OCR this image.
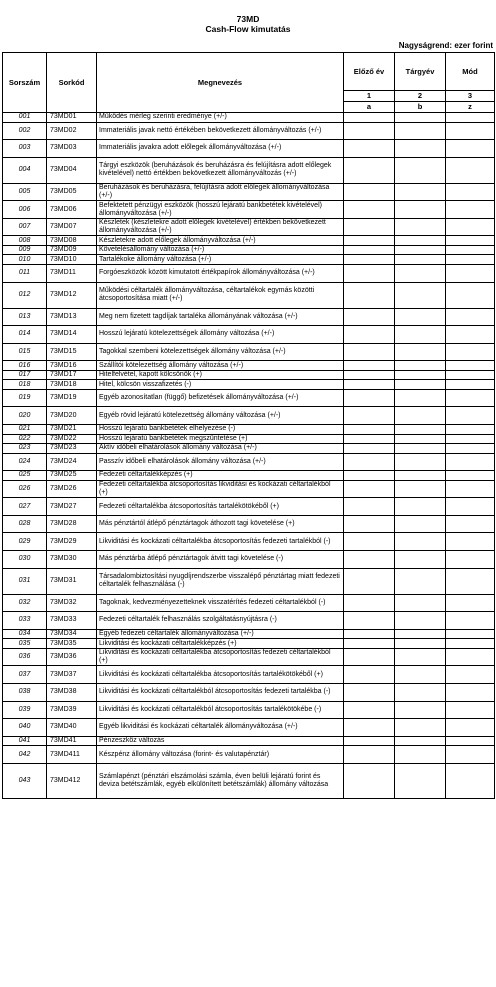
73MD
Cash-Flow kimutatás
Nagyságrend: ezer forint
Sorszám	Sorkód	Megnevezés	Előző év	Tárgyév	Mód
			1	2	3
			a	b	z
001	73MD01	Működés mérleg szerinti eredménye (+/-)			
002	73MD02	Immateriális javak nettó értékében bekövetkezett állományváltozás (+/-)			
003	73MD03	Immateriális javakra adott előlegek állományváltozása (+/-)			
004	73MD04	Tárgyi eszközök (beruházások és beruházásra és felújításra adott előlegek kivételével) nettó értékben bekövetkezett állományváltozás (+/-)			
005	73MD05	Beruházások és beruházásra, felújításra adott előlegek állományváltozása (+/-)			
006	73MD06	Befektetett pénzügyi eszközök (hosszú lejáratú bankbetétek kivételével) állományváltozása (+/-)			
007	73MD07	Készletek (készletekre adott előlegek kivételével) értékben bekövetkezett állományváltozása (+/-)			
008	73MD08	Készletekre adott előlegek állományváltozása (+/-)			
009	73MD09	Követelésállomány változása (+/-)			
010	73MD10	Tartalékoke állomány változása (+/-)			
011	73MD11	Forgóeszközök között kimutatott értékpapírok állományváltozása (+/-)			
012	73MD12	Működési céltartalék állományváltozása, céltartalékok egymás közötti átcsoportosítása miatt (+/-)			
013	73MD13	Meg nem fizetett tagdíjak tartaléka állományának változása (+/-)			
014	73MD14	Hosszú lejáratú kötelezettségek állomány változása (+/-)			
015	73MD15	Tagokkal szembeni kötelezettségek állomány változása (+/-)			
016	73MD16	Szállítói kötelezettség állomány változása (+/-)			
017	73MD17	Hitelfelvétel, kapott kölcsönök (+)			
018	73MD18	Hitel, kölcsön visszafizetés (-)			
019	73MD19	Egyéb azonosítatlan (függő) befizetések állományváltozása (+/-)			
020	73MD20	Egyéb rövid lejáratú kötelezettség állomány változása (+/-)			
021	73MD21	Hosszú lejáratú bankbetétek elhelyezése (-)			
022	73MD22	Hosszú lejáratú bankbetétek megszüntetése (+)			
023	73MD23	Aktív időbeli elhatárolások állomány változása (+/-)			
024	73MD24	Passzív időbeli elhatárolások állomány változása (+/-)			
025	73MD25	Fedezeti céltartalékképzés (+)			
026	73MD26	Fedezeti céltartalékba átcsoportosítás likviditási és kockázati céltartalékból (+)			
027	73MD27	Fedezeti céltartalékba átcsoportosítás tartalékötökéből (+)			
028	73MD28	Más pénztártól átlépő pénztártagok áthozott tagi követelése (+)			
029	73MD29	Likviditási és kockázati céltartalékba átcsoportosítás fedezeti tartalékból (-)			
030	73MD30	Más pénztárba átlépő pénztártagok átvitt tagi követelése (-)			
031	73MD31	Társadalombiztosítási nyugdíjrendszerbe visszalépő pénztártag miatt fedezeti céltartalék felhasználása (-)			
032	73MD32	Tagoknak, kedvezményezetteknek visszatérítés fedezeti céltartalékból (-)			
033	73MD33	Fedezeti céltartalék felhasználás szolgáltatásnyújtásra (-)			
034	73MD34	Egyéb fedezeti céltartalék állományváltozása (+/-)			
035	73MD35	Likviditási és kockázati céltartalékképzés (+)			
036	73MD36	Likviditási és kockázati céltartalékba átcsoportosítás fedezeti céltartalékból (+)			
037	73MD37	Likviditási és kockázati céltartalékba átcsoportosítás tartalékötökéből (+)			
038	73MD38	Likviditási és kockázati céltartalékból átcsoportosítás fedezeti tartalékba (-)			
039	73MD39	Likviditási és kockázati céltartalékból átcsoportosítás tartalékötökébe (-)			
040	73MD40	Egyéb likviditási és kockázati céltartalék állományváltozása (+/-)			
041	73MD41	Pénzeszköz változás			
042	73MD411	Készpénz állomány változása (forint- és valutapénztár)			
043	73MD412	Számlapénzt (pénztári elszámolási számla, éven belüli lejáratú forint és deviza betétszámlák, egyéb elkülönített betétszámlák) állomány változása			
